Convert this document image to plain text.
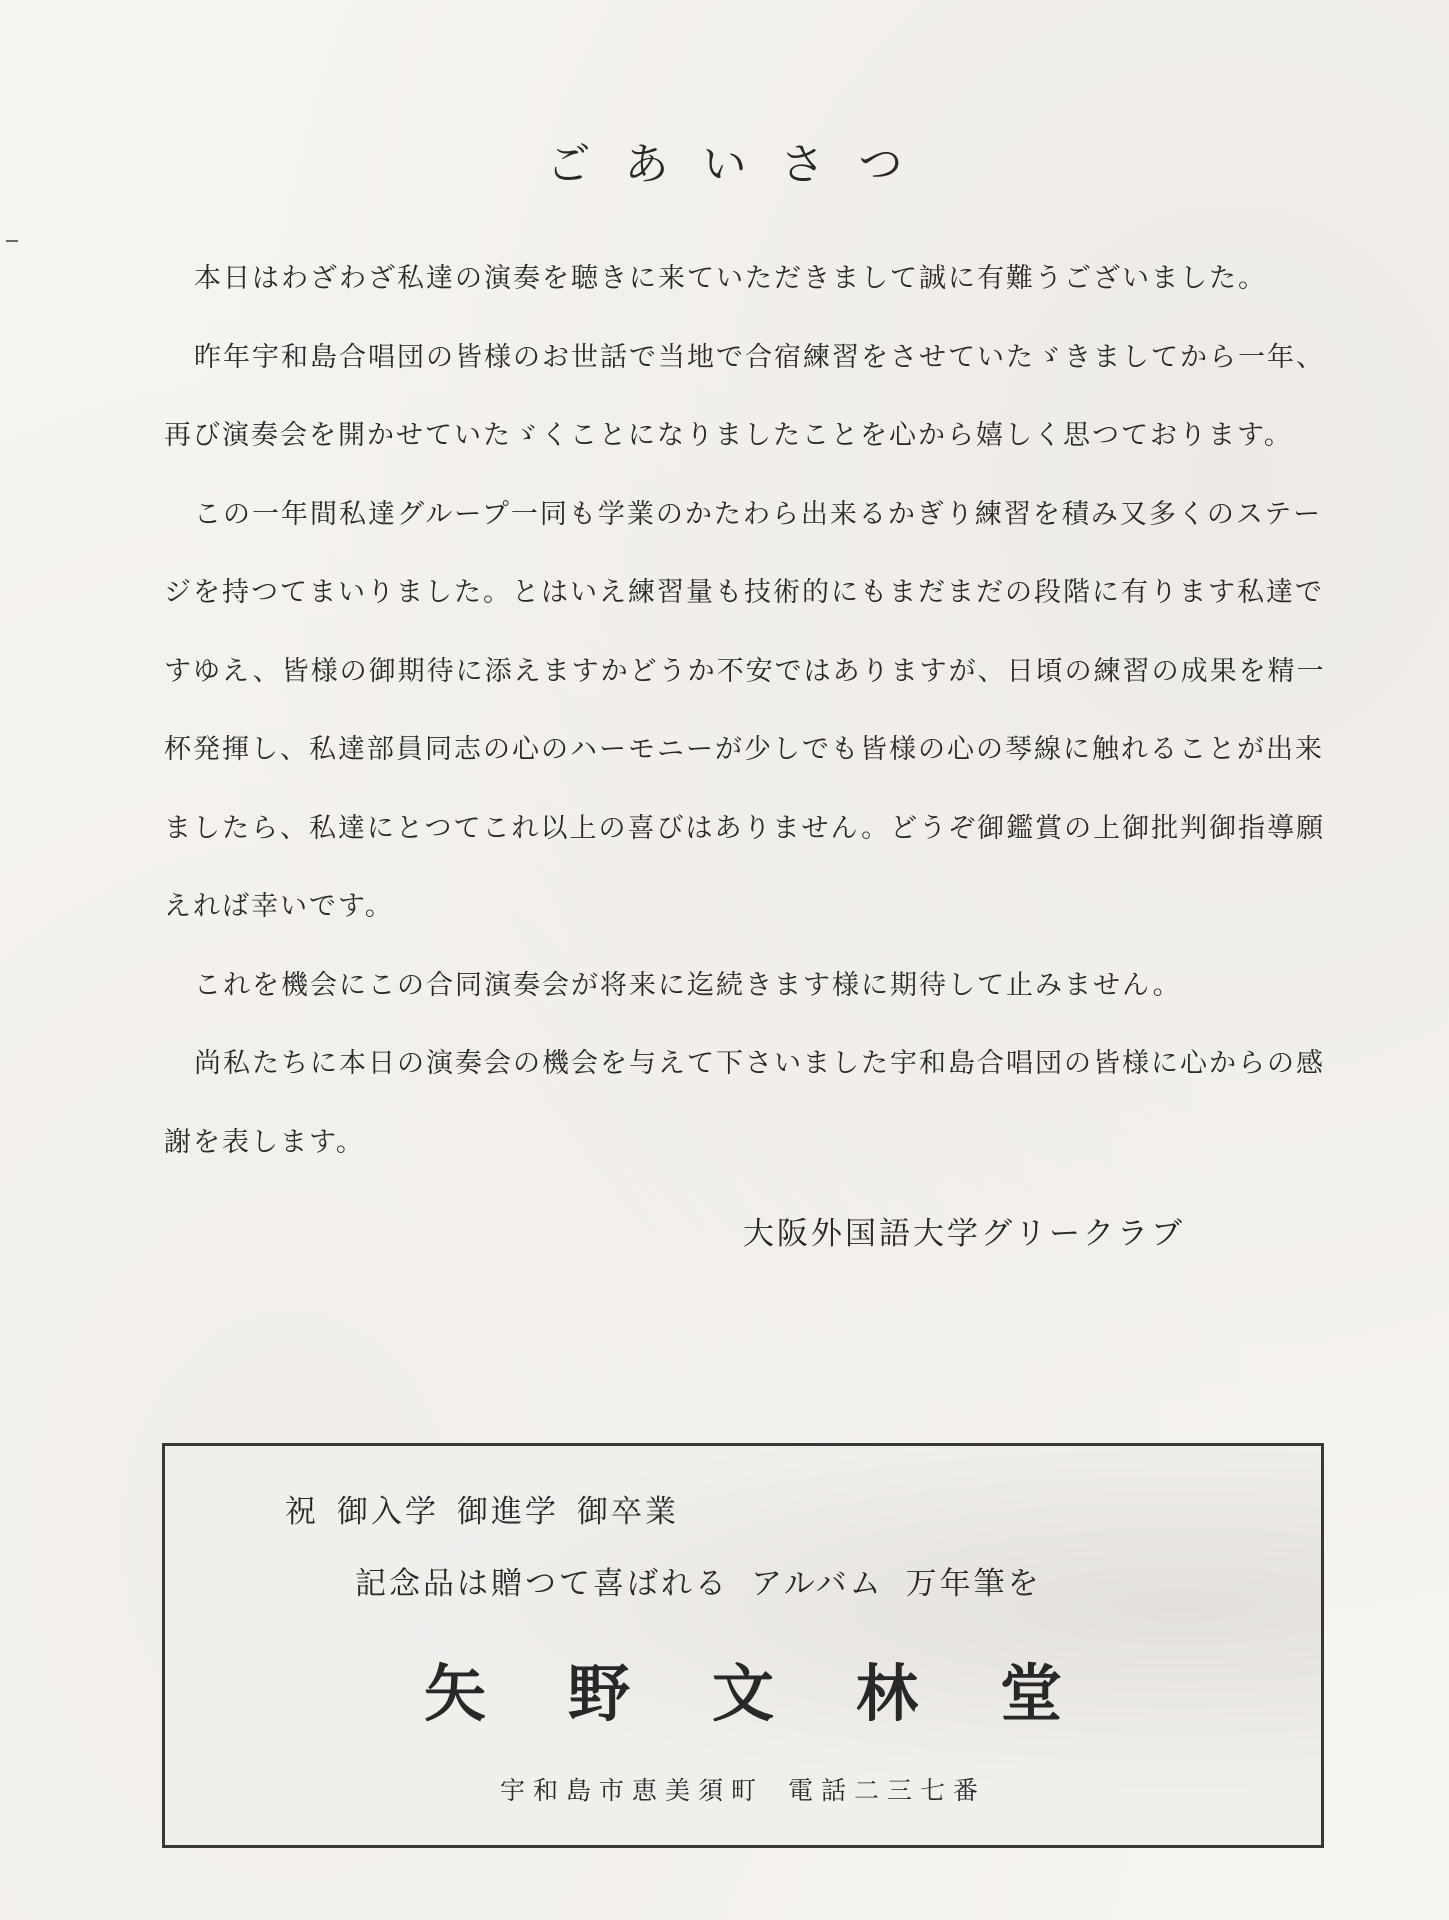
ごあいさつ

本日はわざわざ私達の演奏を聴きに来ていただきまして誠に有難うございました。

昨年宇和島合唱団の皆様のお世話で当地で合宿練習をさせていたゞきましてから一年、再び演奏会を開かせていたゞくことになりましたことを心から嬉しく思つております。

この一年間私達グループ一同も学業のかたわら出来るかぎり練習を積み又多くのステージを持つてまいりました。とはいえ練習量も技術的にもまだまだの段階に有ります私達ですゆえ、皆様の御期待に添えますかどうか不安ではありますが、日頃の練習の成果を精一杯発揮し、私達部員同志の心のハーモニーが少しでも皆様の心の琴線に触れることが出来ましたら、私達にとつてこれ以上の喜びはありません。どうぞ御鑑賞の上御批判御指導願えれば幸いです。

これを機会にこの合同演奏会が将来に迄続きます様に期待して止みません。

尚私たちに本日の演奏会の機会を与えて下さいました宇和島合唱団の皆様に心からの感謝を表します。

大阪外国語大学グリークラブ
祝 御入学 御進学 御卒業
記念品は贈つて喜ばれる アルバム 万年筆を
矢野文林堂
宇和島市恵美須町 電話二三七番
